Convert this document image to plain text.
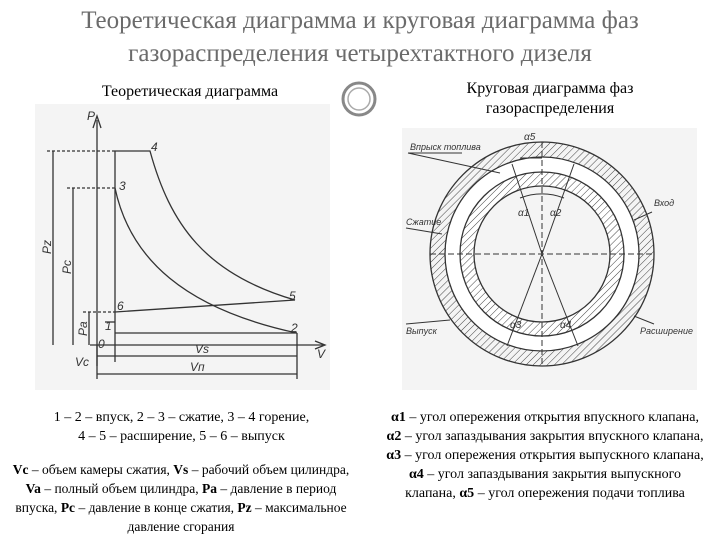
Теоретическая диаграмма и круговая диаграмма фаз
газораспределения четырехтактного дизеля
Теоретическая диаграмма	Круговая диаграмма фаз
газораспределения
P
V
0
1	2
3
4
5
6
Pz
Pc
Pa
Vc
Vs
Vп
Впрыск топлива
Вход
Сжатие
Выпуск	Расширение
α5
α1 α2
α3	α4
1 – 2 – впуск, 2 – 3 – сжатие, 3 – 4 горение,
4 – 5 – расширение, 5 – 6 – выпуск
Vc – объем камеры сжатия, Vs – рабочий объем цилиндра, Va – полный объем цилиндра, Pa – давление в период впуска, Pc – давление в конце сжатия, Pz – максимальное давление сгорания
α1 – угол опережения открытия впускного клапана, α2 – угол запаздывания закрытия впускного клапана, α3 – угол опережения открытия выпускного клапана, α4 – угол запаздывания закрытия выпускного клапана, α5 – угол опережения подачи топлива
